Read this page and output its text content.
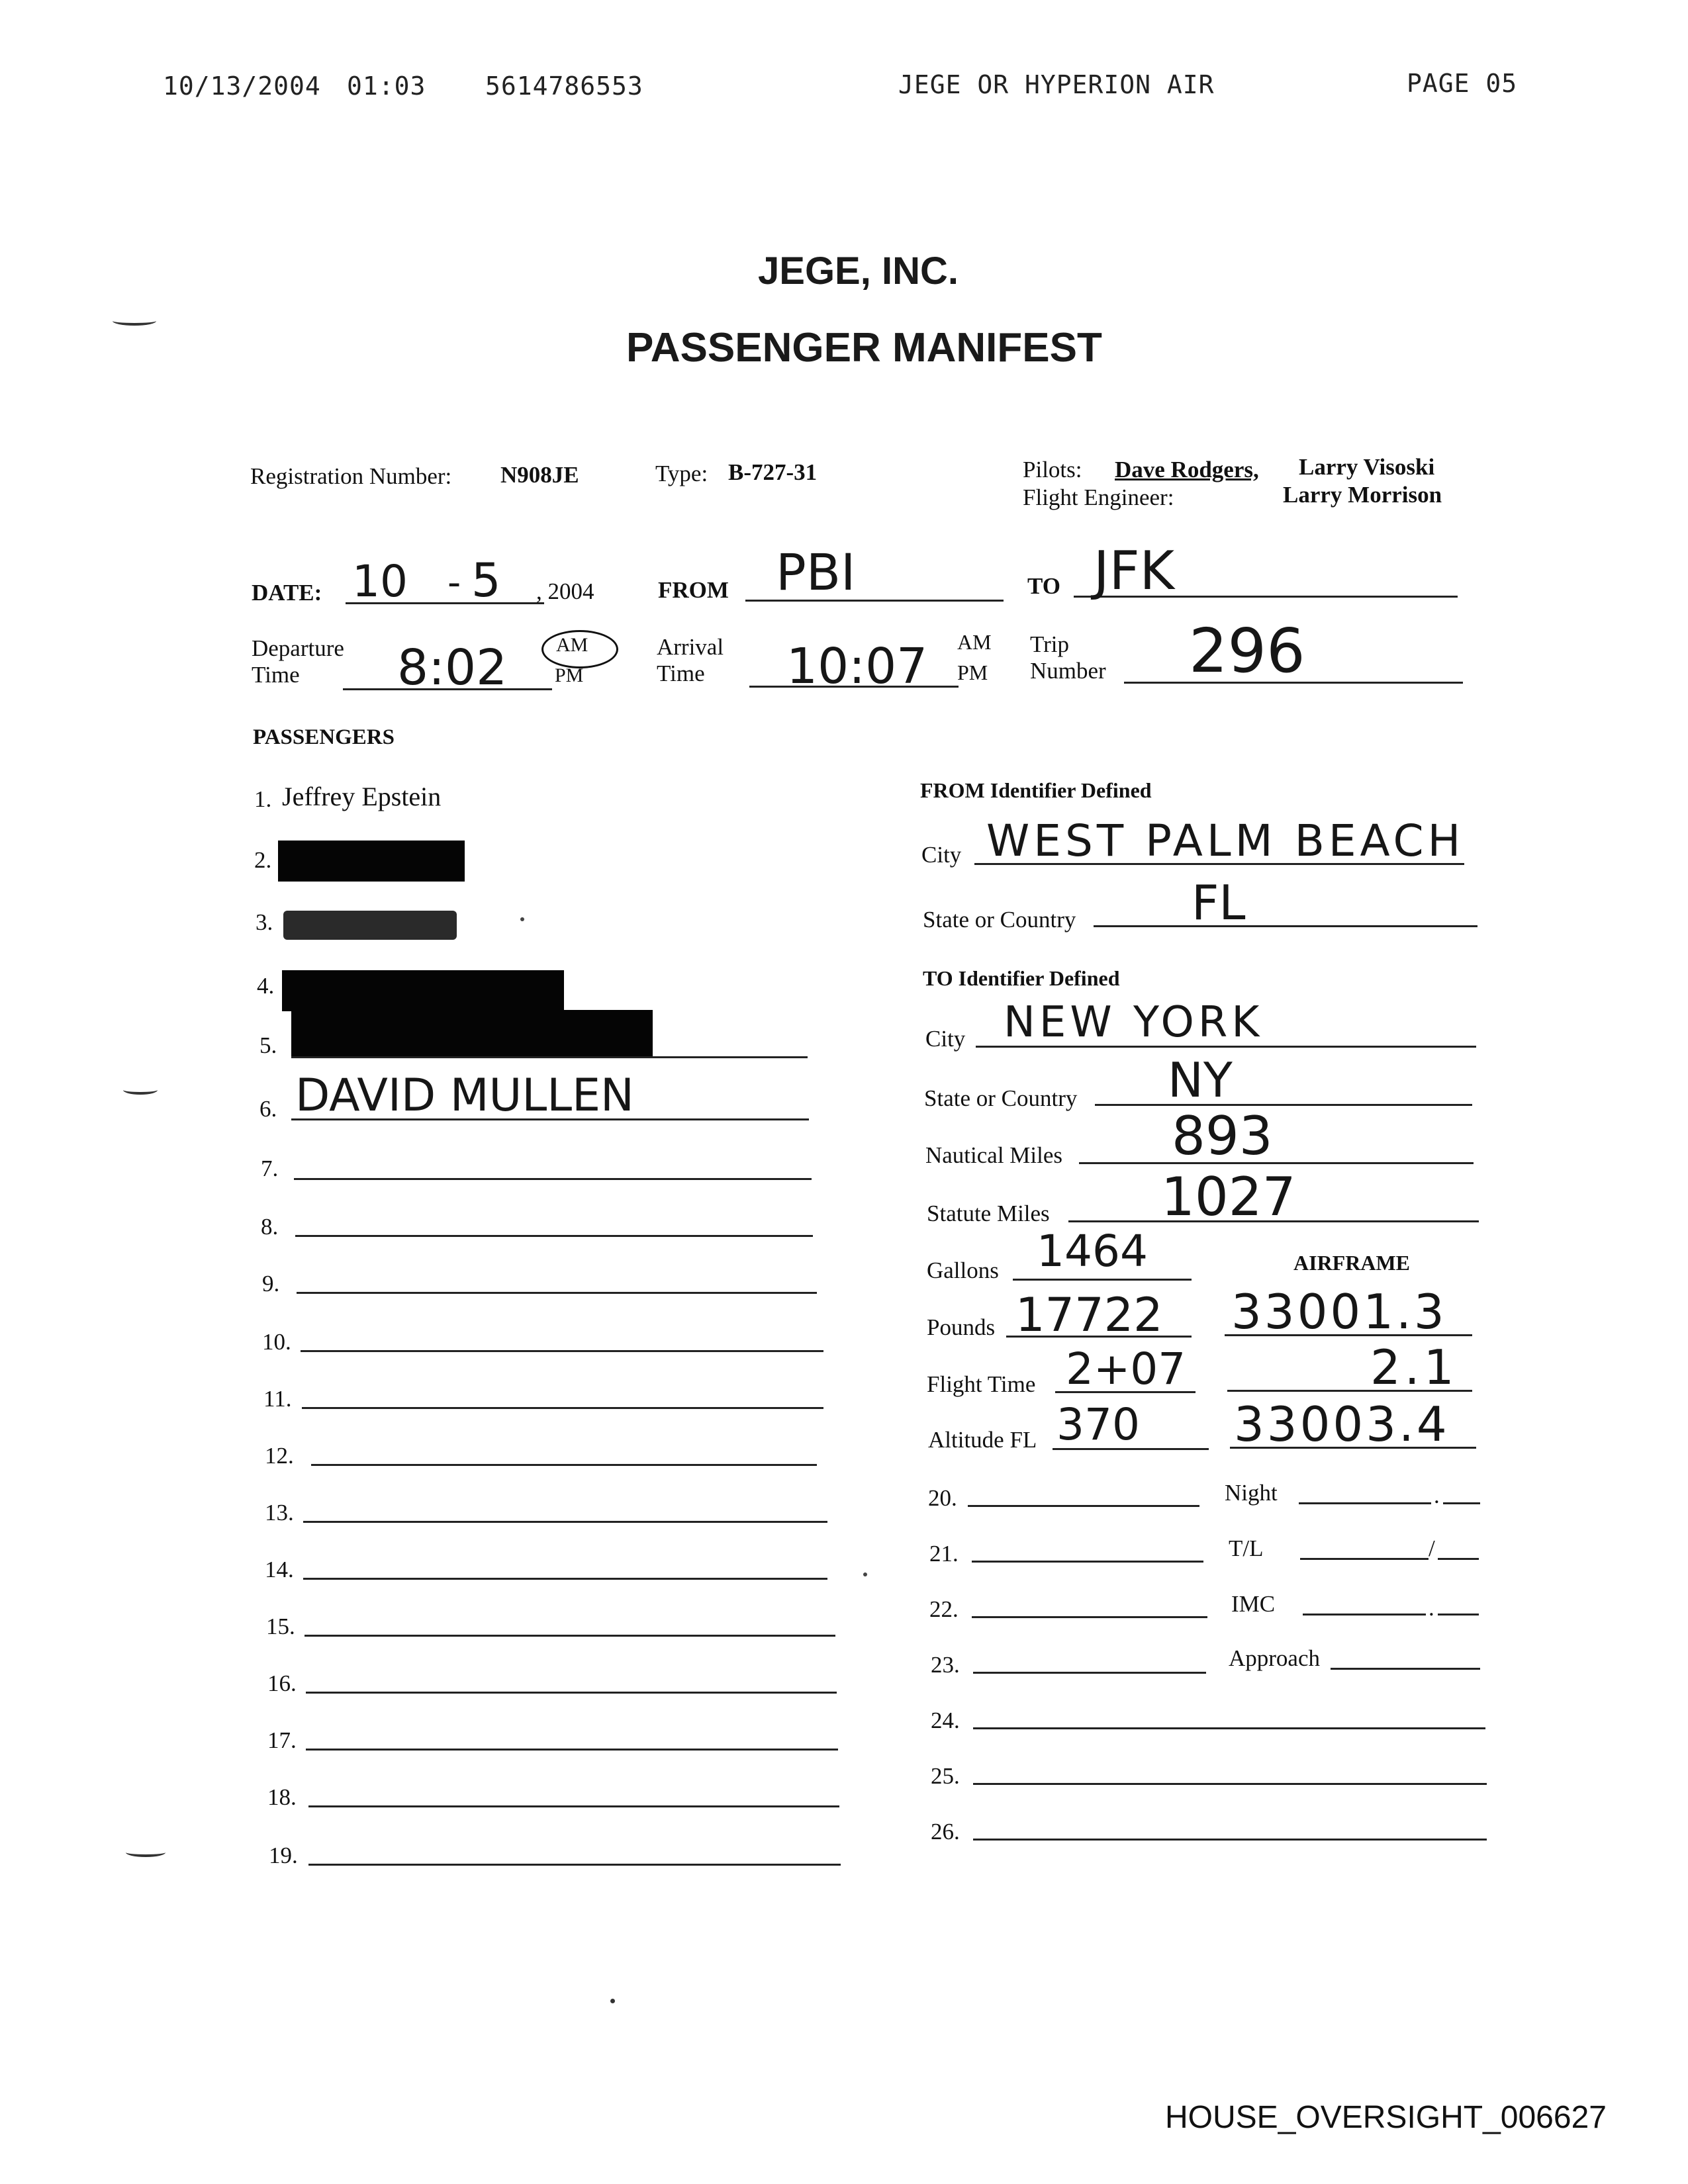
10/13/2004 01:03 5614786553	JEGE OR HYPERION AIR	PAGE 05
JEGE, INC.
PASSENGER MANIFEST
Registration Number: N908JE	Type: B-727-31	Pilots: Dave Rodgers, Larry Visoski
Flight Engineer:	Larry Morrison
DATE: 10 - 5 , 2004	FROM PBI	TO JFK
Departure
Time 8:02 AM
PM
Arrival
Time 10:07 AM
PM
Trip
Number 296
PASSENGERS
1. Jeffrey Epstein
2.
3.
4.
5.
6. DAVID MULLEN
7.
8.
9.
10.
11.
12.
13.
14.
15.
16.
17.
18.
19.
FROM Identifier Defined
City WEST PALM BEACH
State or Country FL
TO Identifier Defined
City NEW YORK
State or Country NY
Nautical Miles 893
Statute Miles 1027
Gallons 1464	AIRFRAME
Pounds 17722 33001.3
Flight Time 2+07	2.1
Altitude FL 370 33003.4
20.	Night	.
21.	T/L	/
22.	IMC	.
23.	Approach
24.
25.
26.
HOUSE_OVERSIGHT_006627
